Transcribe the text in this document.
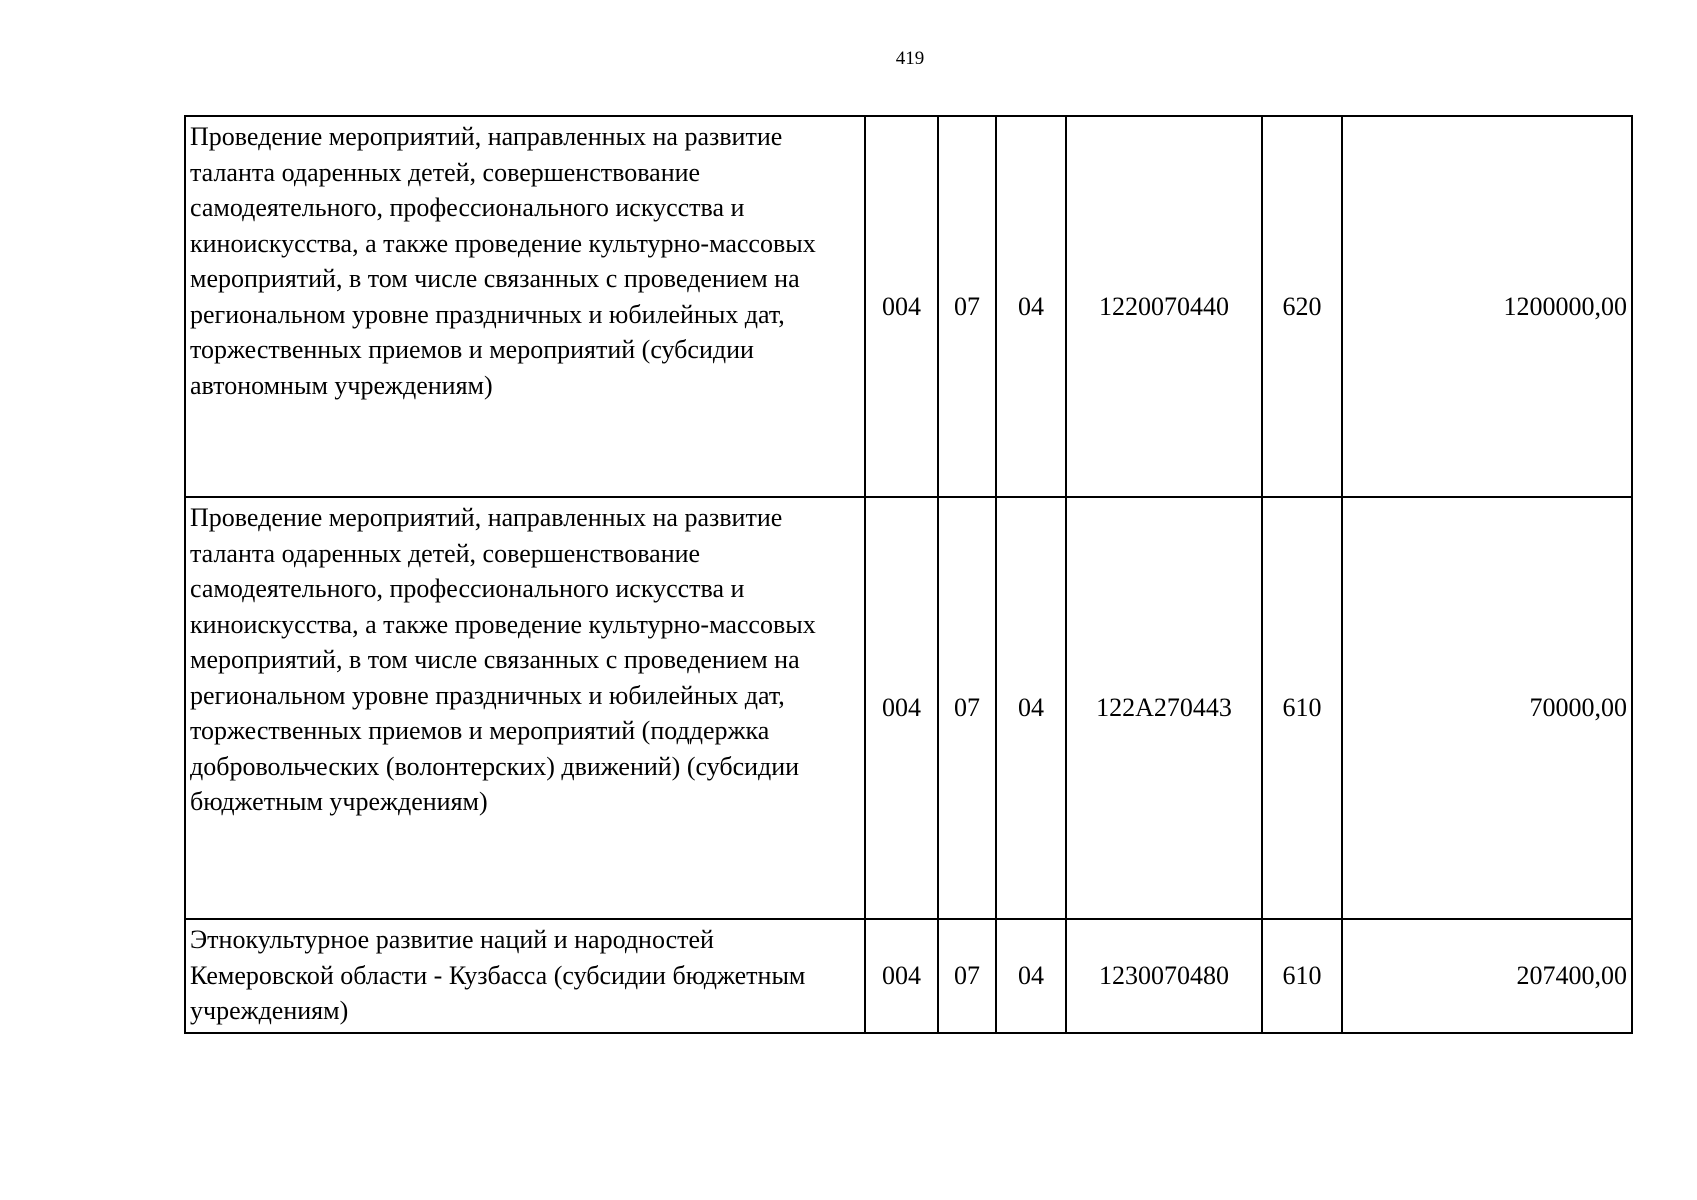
419
Проведение мероприятий, направленных на развитие таланта одаренных детей, совершенствование самодеятельного, профессионального искусства и киноискусства, а также проведение культурно-массовых мероприятий, в том числе связанных с проведением на региональном уровне праздничных и юбилейных дат, торжественных приемов и мероприятий (субсидии автономным учреждениям)	004	07	04	1220070440	620	1200000,00
Проведение мероприятий, направленных на развитие таланта одаренных детей, совершенствование самодеятельного, профессионального искусства и киноискусства, а также проведение культурно-массовых мероприятий, в том числе связанных с проведением на региональном уровне праздничных и юбилейных дат, торжественных приемов и мероприятий (поддержка добровольческих (волонтерских) движений) (субсидии бюджетным учреждениям)	004	07	04	122A270443	610	70000,00
Этнокультурное развитие наций и народностей Кемеровской области - Кузбасса (субсидии бюджетным учреждениям)	004	07	04	1230070480	610	207400,00
